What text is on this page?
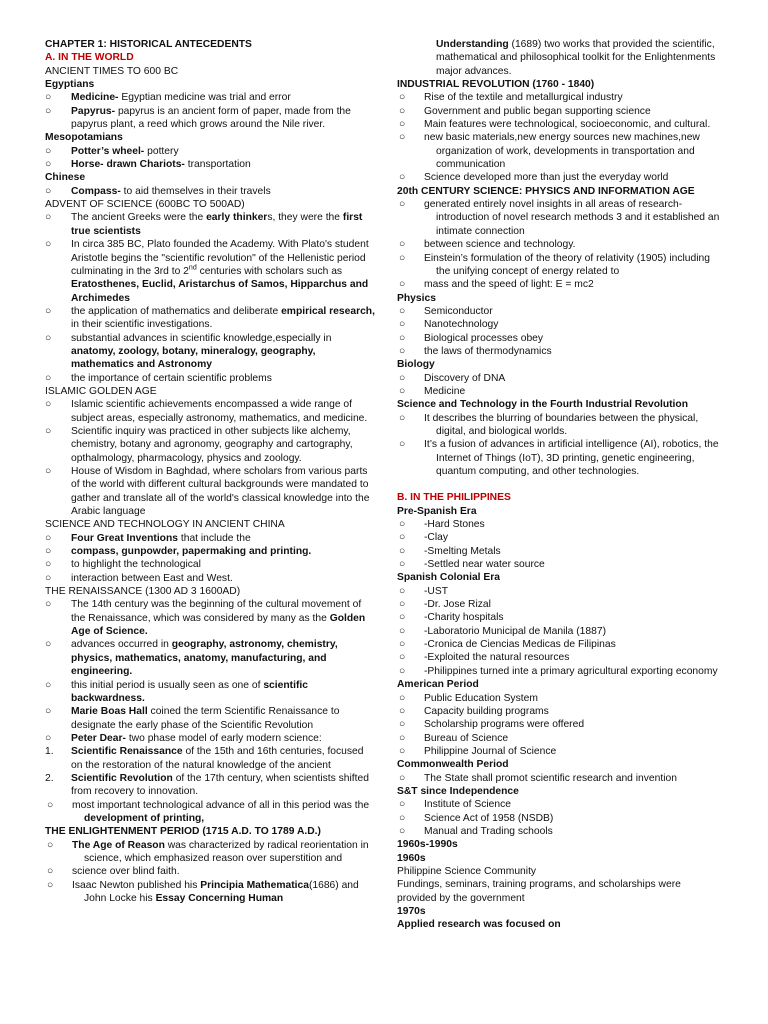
CHAPTER 1: HISTORICAL ANTECEDENTS

A. IN THE WORLD

ANCIENT TIMES TO 600 BC

Egyptians

○ Medicine- Egyptian medicine was trial and error

○ Papyrus- papyrus is an ancient form of paper, made from the papyrus plant, a reed which grows around the Nile river.

Mesopotamians

○ Potter’s wheel- pottery

○ Horse- drawn Chariots- transportation

Chinese

○ Compass- to aid themselves in their travels

ADVENT OF SCIENCE (600BC TO 500AD)

○ The ancient Greeks were the early thinkers, they were the first true scientists

○ In circa 385 BC, Plato founded the Academy. With Plato's student Aristotle begins the "scientific revolution" of the Hellenistic period culminating in the 3rd to 2nd centuries with scholars such as Eratosthenes, Euclid, Aristarchus of Samos, Hipparchus and Archimedes

○ the application of mathematics and deliberate empirical research, in their scientific investigations.

○ substantial advances in scientific knowledge,especially in anatomy, zoology, botany, mineralogy, geography, mathematics and Astronomy

○ the importance of certain scientific problems

ISLAMIC GOLDEN AGE

○ Islamic scientific achievements encompassed a wide range of subject areas, especially astronomy, mathematics, and medicine.

○ Scientific inquiry was practiced in other subjects like alchemy, chemistry, botany and agronomy, geography and cartography, opthalmology, pharmacology, physics and zoology.

○ House of Wisdom in Baghdad, where scholars from various parts of the world with different cultural backgrounds were mandated to gather and translate all of the world's classical knowledge into the Arabic language

SCIENCE AND TECHNOLOGY IN ANCIENT CHINA

○ Four Great Inventions that include the

○ compass, gunpowder, papermaking and printing.

○ to highlight the technological

○ interaction between East and West.

THE RENAISSANCE (1300 AD 3 1600AD)

○ The 14th century was the beginning of the cultural movement of the Renaissance, which was considered by many as the Golden Age of Science.

○ advances occurred in geography, astronomy, chemistry, physics, mathematics, anatomy, manufacturing, and engineering.

○ this initial period is usually seen as one of scientific backwardness.

○ Marie Boas Hall coined the term Scientific Renaissance to designate the early phase of the Scientific Revolution

○ Peter Dear- two phase model of early modern science:

1. Scientific Renaissance of the 15th and 16th centuries, focused on the restoration of the natural knowledge of the ancient

2. Scientific Revolution of the 17th century, when scientists shifted from recovery to innovation.

○	most important technological advance of all in this period was the development of printing,

THE ENLIGHTENMENT PERIOD (1715 A.D. TO 1789 A.D.)

○	The Age of Reason was characterized by radical reorientation in science, which emphasized reason over superstition and

○	science over blind faith.

○	Isaac Newton published his Principia Mathematica(1686) and John Locke his Essay Concerning Human

Understanding (1689) two works that provided the scientific, mathematical and philosophical toolkit for the Enlightenments major advances.

INDUSTRIAL REVOLUTION (1760 - 1840)

○	Rise of the textile and metallurgical industry

○	Government and public began supporting science

○	Main features were technological, socioeconomic, and cultural.

○	new basic materials,new energy sources new machines,new organization of work, developments in transportation and communication

○	Science developed more than just the everyday world

20th CENTURY SCIENCE: PHYSICS AND INFORMATION AGE

○	generated entirely novel insights in all areas of research- introduction of novel research methods 3 and it established an intimate connection

○	between science and technology.

○	Einstein’s formulation of the theory of relativity (1905) including the unifying concept of energy related to

○	mass and the speed of light: E = mc2

Physics

○	Semiconductor

○	Nanotechnology

○	Biological processes obey

○	the laws of thermodynamics

Biology

○	Discovery of DNA

○	Medicine

Science and Technology in the Fourth Industrial Revolution

○	It describes the blurring of boundaries between the physical, digital, and biological worlds.

○	It’s a fusion of advances in artificial intelligence (AI), robotics, the Internet of Things (IoT), 3D printing, genetic engineering, quantum computing, and other technologies.

B. IN THE PHILIPPINES

Pre-Spanish Era

○	-Hard Stones

○	-Clay

○	-Smelting Metals

○	-Settled near water source

Spanish Colonial Era

○	-UST

○	-Dr. Jose Rizal

○	-Charity hospitals

○	-Laboratorio Municipal de Manila (1887)

○	-Cronica de Ciencias Medicas de Filipinas

○	-Exploited the natural resources

○	-Philippines turned inte a primary agricultural exporting economy

American Period

○	Public Education System

○	Capacity building programs

○	Scholarship programs were offered

○	Bureau of Science

○	Philippine Journal of Science

Commonwealth Period

○	The State shall promot scientific research and invention

S&T since Independence

○	Institute of Science

○	Science Act of 1958 (NSDB)

○	Manual and Trading schools

1960s-1990s

1960s

Philippine Science Community

Fundings, seminars, training programs, and scholarships were provided by the government

1970s

Applied research was focused on
